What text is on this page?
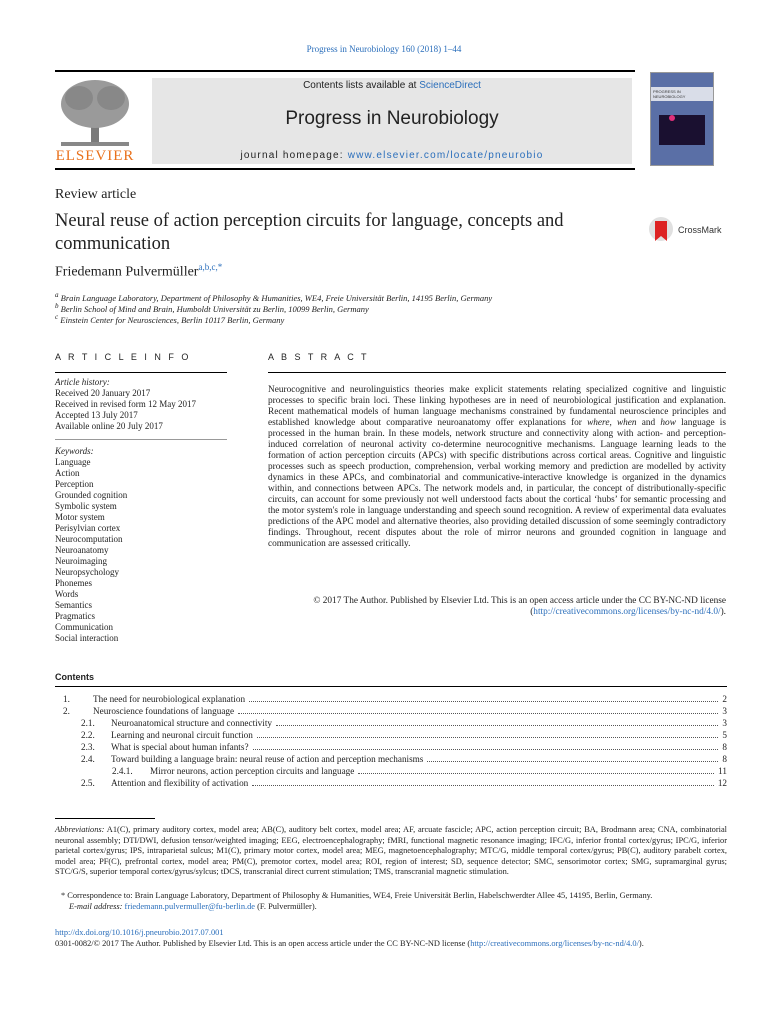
Progress in Neurobiology 160 (2018) 1–44
ELSEVIER
Contents lists available at ScienceDirect
Progress in Neurobiology
journal homepage: www.elsevier.com/locate/pneurobio
PROGRESS IN NEUROBIOLOGY
Review article
Neural reuse of action perception circuits for language, concepts and communication
CrossMark
Friedemann Pulvermüller$^{a,b,c,*}$
$^a$ Brain Language Laboratory, Department of Philosophy & Humanities, WE4, Freie Universität Berlin, 14195 Berlin, Germany
$^b$ Berlin School of Mind and Brain, Humboldt Universität zu Berlin, 10099 Berlin, Germany
$^c$ Einstein Center for Neurosciences, Berlin 10117 Berlin, Germany
A R T I C L E I N F O	A B S T R A C T
Article history:
Received 20 January 2017
Received in revised form 12 May 2017
Accepted 13 July 2017
Available online 20 July 2017
Keywords:
Language
Action
Perception
Grounded cognition
Symbolic system
Motor system
Perisylvian cortex
Neurocomputation
Neuroanatomy
Neuroimaging
Neuropsychology
Phonemes
Words
Semantics
Pragmatics
Communication
Social interaction
Neurocognitive and neurolinguistics theories make explicit statements relating specialized cognitive and linguistic processes to specific brain loci. These linking hypotheses are in need of neurobiological justification and explanation. Recent mathematical models of human language mechanisms constrained by fundamental neuroscience principles and established knowledge about comparative neuroanatomy offer explanations for where, when and how language is processed in the human brain. In these models, network structure and connectivity along with action- and perception-induced correlation of neuronal activity co-determine neurocognitive mechanisms. Language learning leads to the formation of action perception circuits (APCs) with specific distributions across cortical areas. Cognitive and linguistic processes such as speech production, comprehension, verbal working memory and prediction are modelled by activity dynamics in these APCs, and combinatorial and communicative-interactive knowledge is organized in the dynamics within, and connections between APCs. The network models and, in particular, the concept of distributionally-specific circuits, can account for some previously not well understood facts about the cortical ‘hubs’ for semantic processing and the motor system's role in language understanding and speech sound recognition. A review of experimental data evaluates predictions of the APC model and alternative theories, also providing detailed discussion of some seemingly contradictory findings. Throughout, recent disputes about the role of mirror neurons and grounded cognition in language and communication are assessed critically.
© 2017 The Author. Published by Elsevier Ltd. This is an open access article under the CC BY-NC-ND license (http://creativecommons.org/licenses/by-nc-nd/4.0/).
Contents
1.	The need for neurobiological explanation	2
2.	Neuroscience foundations of language	3
2.1.	Neuroanatomical structure and connectivity	3
2.2.	Learning and neuronal circuit function	5
2.3.	What is special about human infants?	8
2.4.	Toward building a language brain: neural reuse of action and perception mechanisms	8
2.4.1.	Mirror neurons, action perception circuits and language	11
2.5.	Attention and flexibility of activation	12
Abbreviations: A1(C), primary auditory cortex, model area; AB(C), auditory belt cortex, model area; AF, arcuate fascicle; APC, action perception circuit; BA, Brodmann area; CNA, combinatorial neuronal assembly; DTI/DWI, defusion tensor/weighted imaging; EEG, electroencephalography; fMRI, functional magnetic resonance imaging; IFC/G, inferior frontal cortex/gyrus; IPC/G, inferior parietal cortex/gyrus; IPS, intraparietal sulcus; M1(C), primary motor cortex, model area; MEG, magnetoencephalography; MTC/G, middle temporal cortex/gyrus; PB(C), auditory parabelt cortex, model area; PF(C), prefrontal cortex, model area; PM(C), premotor cortex, model area; ROI, region of interest; SD, sequence detector; SMC, sensorimotor cortex; SMG, supramarginal gyrus; STC/G/S, superior temporal cortex/gyrus/sylcus; tDCS, transcranial direct current stimulation; TMS, transcranial magnetic stimulation.
* Correspondence to: Brain Language Laboratory, Department of Philosophy & Humanities, WE4, Freie Universität Berlin, Habelschwerdter Allee 45, 14195, Berlin, Germany.
E-mail address: friedemann.pulvermuller@fu-berlin.de (F. Pulvermüller).
http://dx.doi.org/10.1016/j.pneurobio.2017.07.001
0301-0082/© 2017 The Author. Published by Elsevier Ltd. This is an open access article under the CC BY-NC-ND license (http://creativecommons.org/licenses/by-nc-nd/4.0/).
